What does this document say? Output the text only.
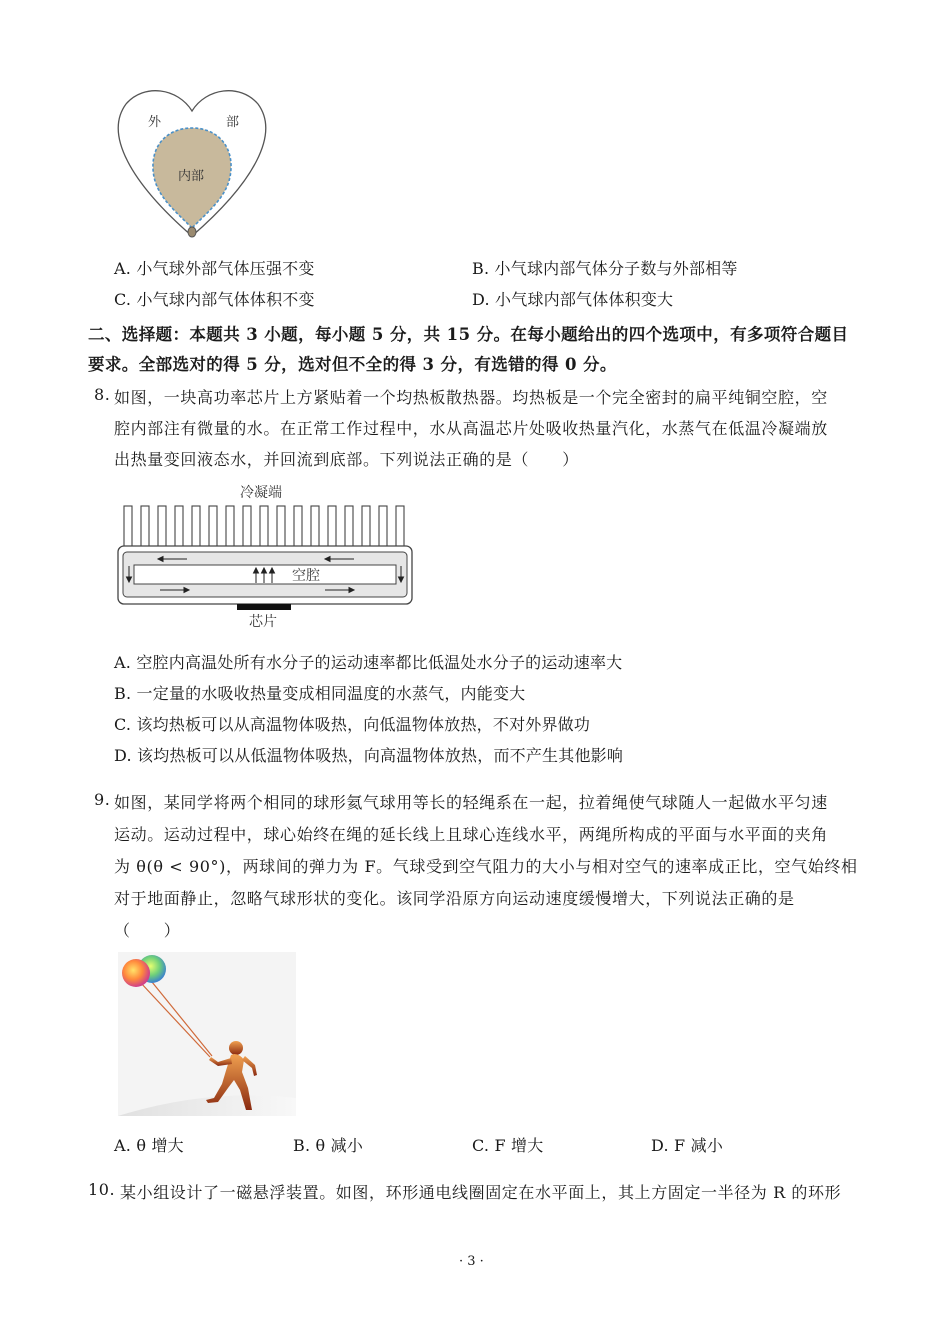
外	部
内部
A. 小气球外部气体压强不变	B. 小气球内部气体分子数与外部相等
C. 小气球内部气体体积不变	D. 小气球内部气体体积变大
二、选择题：本题共 3 小题，每小题 5 分，共 15 分。在每小题给出的四个选项中，有多项符合题目
要求。全部选对的得 5 分，选对但不全的得 3 分，有选错的得 0 分。
8. 如图，一块高功率芯片上方紧贴着一个均热板散热器。均热板是一个完全密封的扁平纯铜空腔，空
腔内部注有微量的水。在正常工作过程中，水从高温芯片处吸收热量汽化，水蒸气在低温冷凝端放
出热量变回液态水，并回流到底部。下列说法正确的是（　　）
冷凝端
空腔
芯片
A. 空腔内高温处所有水分子的运动速率都比低温处水分子的运动速率大
B. 一定量的水吸收热量变成相同温度的水蒸气，内能变大
C. 该均热板可以从高温物体吸热，向低温物体放热，不对外界做功
D. 该均热板可以从低温物体吸热，向高温物体放热，而不产生其他影响
9. 如图，某同学将两个相同的球形氦气球用等长的轻绳系在一起，拉着绳使气球随人一起做水平匀速
运动。运动过程中，球心始终在绳的延长线上且球心连线水平，两绳所构成的平面与水平面的夹角
为 θ(θ < 90°)，两球间的弹力为 F。气球受到空气阻力的大小与相对空气的速率成正比，空气始终相
对于地面静止，忽略气球形状的变化。该同学沿原方向运动速度缓慢增大，下列说法正确的是
（　　）
A. θ 增大	B. θ 减小	C. F 增大	D. F 减小
10. 某小组设计了一磁悬浮装置。如图，环形通电线圈固定在水平面上，其上方固定一半径为 R 的环形
· 3 ·
